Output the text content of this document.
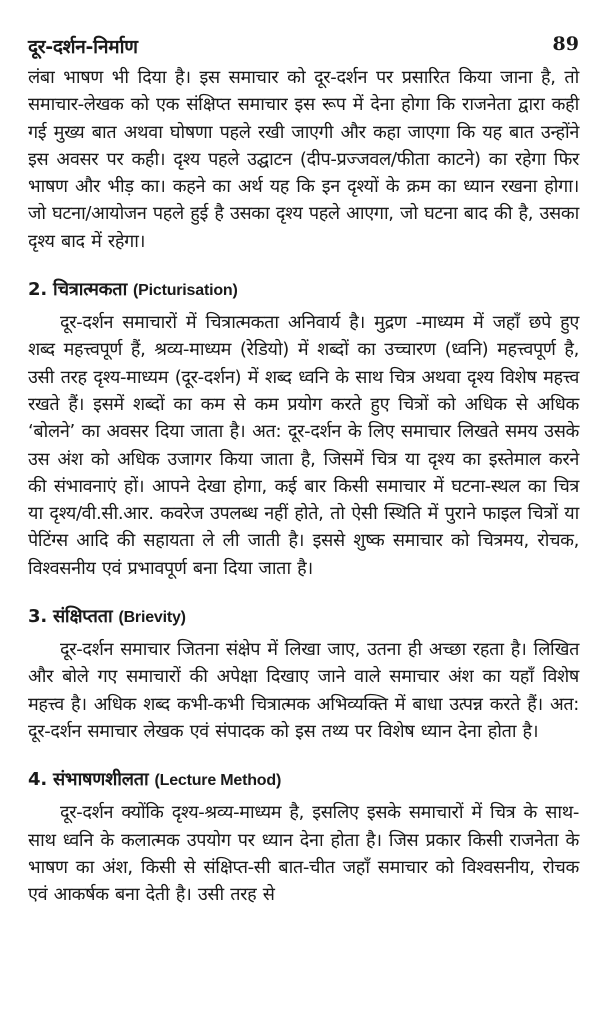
दूर-दर्शन-निर्माण	89

लंबा भाषण भी दिया है। इस समाचार को दूर-दर्शन पर प्रसारित किया जाना है, तो समाचार-लेखक को एक संक्षिप्त समाचार इस रूप में देना होगा कि राजनेता द्वारा कही गई मुख्य बात अथवा घोषणा पहले रखी जाएगी और कहा जाएगा कि यह बात उन्होंने इस अवसर पर कही। दृश्य पहले उद्घाटन (दीप-प्रज्जवल/फीता काटने) का रहेगा फिर भाषण और भीड़ का। कहने का अर्थ यह कि इन दृश्यों के क्रम का ध्यान रखना होगा। जो घटना/आयोजन पहले हुई है उसका दृश्य पहले आएगा, जो घटना बाद की है, उसका दृश्य बाद में रहेगा।

2. चित्रात्मकता (Picturisation)

दूर-दर्शन समाचारों में चित्रात्मकता अनिवार्य है। मुद्रण -माध्यम में जहाँ छपे हुए शब्द महत्त्वपूर्ण हैं, श्रव्य-माध्यम (रेडियो) में शब्दों का उच्चारण (ध्वनि) महत्त्वपूर्ण है, उसी तरह दृश्य-माध्यम (दूर-दर्शन) में शब्द ध्वनि के साथ चित्र अथवा दृश्य विशेष महत्त्व रखते हैं। इसमें शब्दों का कम से कम प्रयोग करते हुए चित्रों को अधिक से अधिक ‘बोलने’ का अवसर दिया जाता है। अत: दूर-दर्शन के लिए समाचार लिखते समय उसके उस अंश को अधिक उजागर किया जाता है, जिसमें चित्र या दृश्य का इस्तेमाल करने की संभावनाएं हों। आपने देखा होगा, कई बार किसी समाचार में घटना-स्थल का चित्र या दृश्य/वी.सी.आर. कवरेज उपलब्ध नहीं होते, तो ऐसी स्थिति में पुराने फाइल चित्रों या पेटिंग्स आदि की सहायता ले ली जाती है। इससे शुष्क समाचार को चित्रमय, रोचक, विश्वसनीय एवं प्रभावपूर्ण बना दिया जाता है।

3. संक्षिप्तता (Brievity)

दूर-दर्शन समाचार जितना संक्षेप में लिखा जाए, उतना ही अच्छा रहता है। लिखित और बोले गए समाचारों की अपेक्षा दिखाए जाने वाले समाचार अंश का यहाँ विशेष महत्त्व है। अधिक शब्द कभी-कभी चित्रात्मक अभिव्यक्ति में बाधा उत्पन्न करते हैं। अत: दूर-दर्शन समाचार लेखक एवं संपादक को इस तथ्य पर विशेष ध्यान देना होता है।

4. संभाषणशीलता (Lecture Method)

दूर-दर्शन क्योंकि दृश्य-श्रव्य-माध्यम है, इसलिए इसके समाचारों में चित्र के साथ-साथ ध्वनि के कलात्मक उपयोग पर ध्यान देना होता है। जिस प्रकार किसी राजनेता के भाषण का अंश, किसी से संक्षिप्त-सी बात-चीत जहाँ समाचार को विश्वसनीय, रोचक एवं आकर्षक बना देती है। उसी तरह से
